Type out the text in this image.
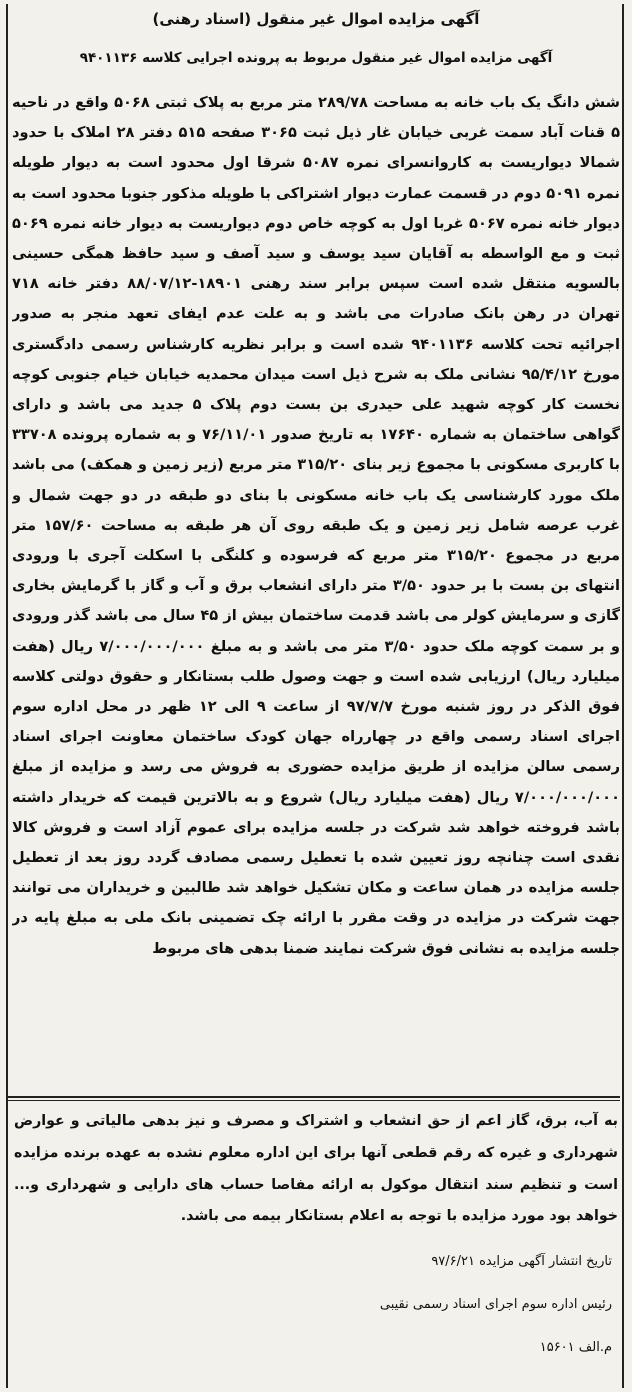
آگهی مزایده اموال غیر منقول (اسناد رهنی)
آگهی مزایده اموال غیر منقول مربوط به پرونده اجرایی کلاسه ۹۴۰۱۱۳۶
شش دانگ یک باب خانه به مساحت ۲۸۹/۷۸ متر مربع به پلاک ثبتی ۵۰۶۸ واقع در ناحیه ۵ قنات آباد سمت غربی خیابان غار ذیل ثبت ۳۰۶۵ صفحه ۵۱۵ دفتر ۲۸ املاک با حدود شمالا دیواریست به کاروانسرای نمره ۵۰۸۷ شرقا اول محدود است به دیوار طویله نمره ۵۰۹۱ دوم در قسمت عمارت دیوار اشتراکی با طویله مذکور جنوبا محدود است به دیوار خانه نمره ۵۰۶۷ غربا اول به کوچه خاص دوم دیواریست به دیوار خانه نمره ۵۰۶۹ ثبت و مع الواسطه به آقایان سید یوسف و سید آصف و سید حافظ همگی حسینی بالسویه منتقل شده است سپس برابر سند رهنی ۱۸۹۰۱-۸۸/۰۷/۱۲ دفتر خانه ۷۱۸ تهران در رهن بانک صادرات می باشد و به علت عدم ایفای تعهد منجر به صدور اجرائیه تحت کلاسه ۹۴۰۱۱۳۶ شده است و برابر نظریه کارشناس رسمی دادگستری مورخ ۹۵/۴/۱۲ نشانی ملک به شرح ذیل است میدان محمدیه خیابان خیام جنوبی کوچه نخست کار کوچه شهید علی حیدری بن بست دوم پلاک ۵ جدید می باشد و دارای گواهی ساختمان به شماره ۱۷۶۴۰ به تاریخ صدور ۷۶/۱۱/۰۱ و به شماره پرونده ۳۳۷۰۸ با کاربری مسکونی با مجموع زیر بنای ۳۱۵/۲۰ متر مربع (زیر زمین و همکف) می باشد ملک مورد کارشناسی یک باب خانه مسکونی با بنای دو طبقه در دو جهت شمال و غرب عرصه شامل زیر زمین و یک طبقه روی آن هر طبقه به مساحت ۱۵۷/۶۰ متر مربع در مجموع ۳۱۵/۲۰ متر مربع که فرسوده و کلنگی با اسکلت آجری با ورودی انتهای بن بست با بر حدود ۳/۵۰ متر دارای انشعاب برق و آب و گاز با گرمایش بخاری گازی و سرمایش کولر می باشد قدمت ساختمان بیش از ۴۵ سال می باشد گذر ورودی و بر سمت کوچه ملک حدود ۳/۵۰ متر می باشد و به مبلغ ۷/۰۰۰/۰۰۰/۰۰۰ ریال (هفت میلیارد ریال) ارزیابی شده است و جهت وصول طلب بستانکار و حقوق دولتی کلاسه فوق الذکر در روز شنبه مورخ ۹۷/۷/۷ از ساعت ۹ الی ۱۲ ظهر در محل اداره سوم اجرای اسناد رسمی واقع در چهارراه جهان کودک ساختمان معاونت اجرای اسناد رسمی سالن مزایده از طریق مزایده حضوری به فروش می رسد و مزایده از مبلغ ۷/۰۰۰/۰۰۰/۰۰۰ ریال (هفت میلیارد ریال) شروع و به بالاترین قیمت که خریدار داشته باشد فروخته خواهد شد شرکت در جلسه مزایده برای عموم آزاد است و فروش کالا نقدی است چنانچه روز تعیین شده با تعطیل رسمی مصادف گردد روز بعد از تعطیل جلسه مزایده در همان ساعت و مکان تشکیل خواهد شد طالبین و خریداران می توانند جهت شرکت در مزایده در وقت مقرر با ارائه چک تضمینی بانک ملی به مبلغ پایه در جلسه مزایده به نشانی فوق شرکت نمایند ضمنا بدهی های مربوط
به آب، برق، گاز اعم از حق انشعاب و اشتراک و مصرف و نیز بدهی مالیاتی و عوارض شهرداری و غیره که رقم قطعی آنها برای این اداره معلوم نشده به عهده برنده مزایده است و تنظیم سند انتقال موکول به ارائه مفاصا حساب های دارایی و شهرداری و... خواهد بود مورد مزایده با توجه به اعلام بستانکار بیمه می باشد.
تاریخ انتشار آگهی مزایده ۹۷/۶/۲۱
رئیس اداره سوم اجرای اسناد رسمی نقیبی
م.الف ۱۵۶۰۱
